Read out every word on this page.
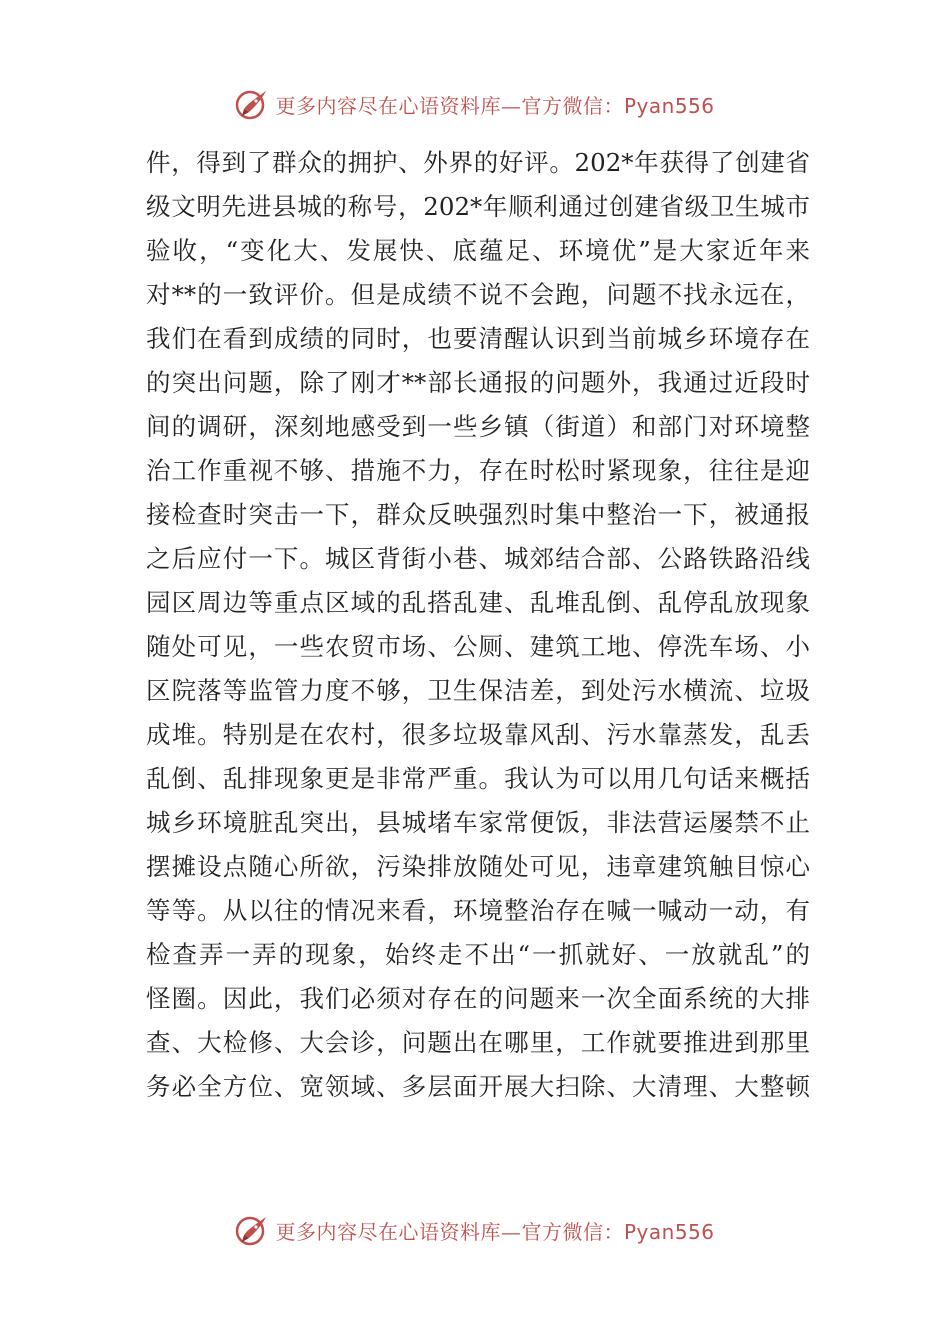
更多内容尽在心语资料库—官方微信：Pyan556
件，得到了群众的拥护、外界的好评。202*年获得了创建省
级文明先进县城的称号，202*年顺利通过创建省级卫生城市
验收，“变化大、发展快、底蕴足、环境优”是大家近年来
对**的一致评价。但是成绩不说不会跑，问题不找永远在，
我们在看到成绩的同时，也要清醒认识到当前城乡环境存在
的突出问题，除了刚才**部长通报的问题外，我通过近段时
间的调研，深刻地感受到一些乡镇（街道）和部门对环境整
治工作重视不够、措施不力，存在时松时紧现象，往往是迎
接检查时突击一下，群众反映强烈时集中整治一下，被通报
之后应付一下。城区背街小巷、城郊结合部、公路铁路沿线
园区周边等重点区域的乱搭乱建、乱堆乱倒、乱停乱放现象
随处可见，一些农贸市场、公厕、建筑工地、停洗车场、小
区院落等监管力度不够，卫生保洁差，到处污水横流、垃圾
成堆。特别是在农村，很多垃圾靠风刮、污水靠蒸发，乱丢
乱倒、乱排现象更是非常严重。我认为可以用几句话来概括
城乡环境脏乱突出，县城堵车家常便饭，非法营运屡禁不止
摆摊设点随心所欲，污染排放随处可见，违章建筑触目惊心
等等。从以往的情况来看，环境整治存在喊一喊动一动，有
检查弄一弄的现象，始终走不出“一抓就好、一放就乱”的
怪圈。因此，我们必须对存在的问题来一次全面系统的大排
查、大检修、大会诊，问题出在哪里，工作就要推进到那里
务必全方位、宽领域、多层面开展大扫除、大清理、大整顿
更多内容尽在心语资料库—官方微信：Pyan556
